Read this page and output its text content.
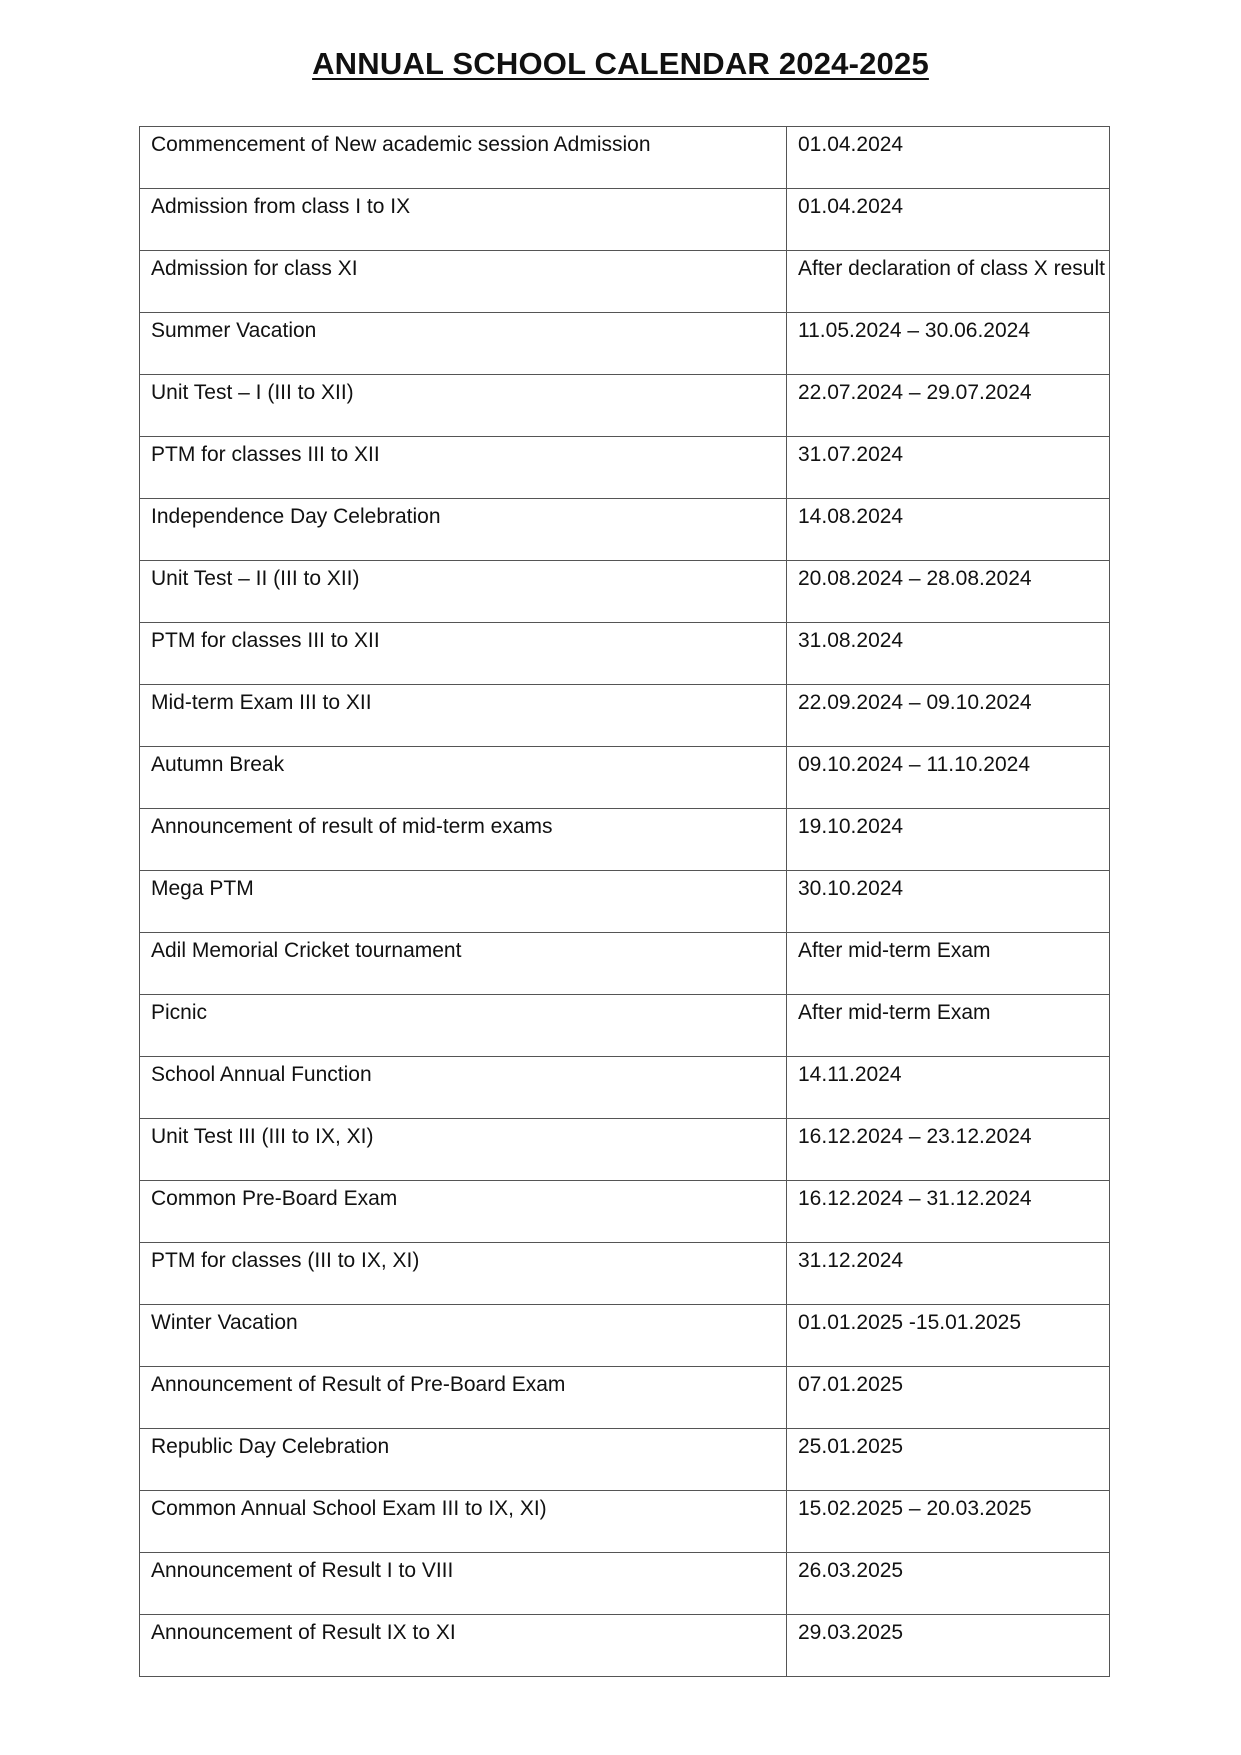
ANNUAL SCHOOL CALENDAR 2024-2025
Commencement of New academic session Admission	01.04.2024
Admission from class I to IX	01.04.2024
Admission for class XI	After declaration of class X result
Summer Vacation	11.05.2024 – 30.06.2024
Unit Test – I (III to XII)	22.07.2024 – 29.07.2024
PTM for classes III to XII	31.07.2024
Independence Day Celebration	14.08.2024
Unit Test – II (III to XII)	20.08.2024 – 28.08.2024
PTM for classes III to XII	31.08.2024
Mid-term Exam III to XII	22.09.2024 – 09.10.2024
Autumn Break	09.10.2024 – 11.10.2024
Announcement of result of mid-term exams	19.10.2024
Mega PTM	30.10.2024
Adil Memorial Cricket tournament	After mid-term Exam
Picnic	After mid-term Exam
School Annual Function	14.11.2024
Unit Test III (III to IX, XI)	16.12.2024 – 23.12.2024
Common Pre-Board Exam	16.12.2024 – 31.12.2024
PTM for classes (III to IX, XI)	31.12.2024
Winter Vacation	01.01.2025 -15.01.2025
Announcement of Result of Pre-Board Exam	07.01.2025
Republic Day Celebration	25.01.2025
Common Annual School Exam III to IX, XI)	15.02.2025 – 20.03.2025
Announcement of Result I to VIII	26.03.2025
Announcement of Result IX to XI	29.03.2025
